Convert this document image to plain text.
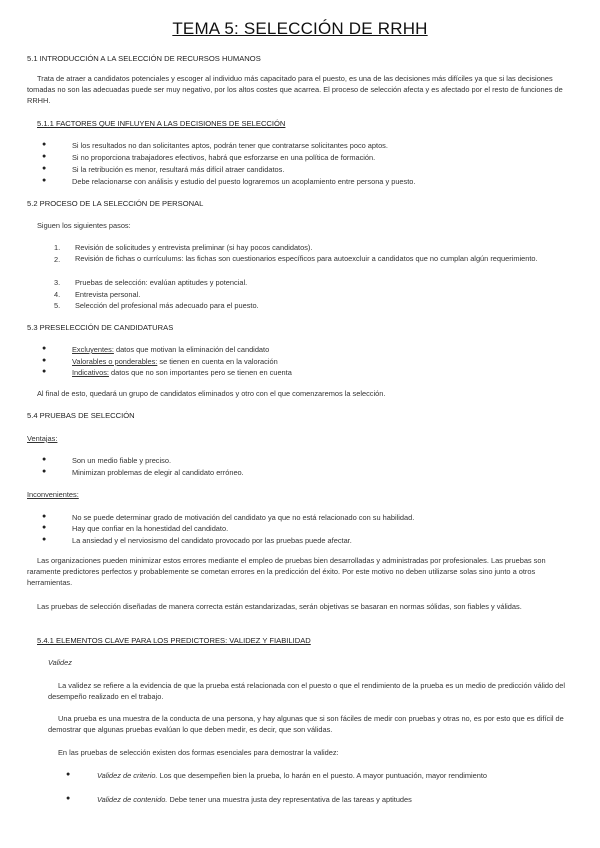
TEMA 5: SELECCIÓN DE RRHH
5.1 INTRODUCCIÓN A LA SELECCIÓN DE RECURSOS HUMANOS
Trata de atraer a candidatos potenciales y escoger al individuo más capacitado para el puesto, es una de las decisiones más difíciles ya que si las decisiones tomadas no son las adecuadas puede ser muy negativo, por los altos costes que acarrea. El proceso de selección afecta y es afectado por el resto de funciones de RRHH.
5.1.1 FACTORES QUE INFLUYEN A LAS DECISIONES DE SELECCIÓN
●	Si los resultados no dan solicitantes aptos, podrán tener que contratarse solicitantes poco aptos.
●	Si no proporciona trabajadores efectivos, habrá que esforzarse en una política de formación.
●	Si la retribución es menor, resultará más difícil atraer candidatos.
●	Debe relacionarse con análisis y estudio del puesto lograremos un acoplamiento entre persona y puesto.
5.2 PROCESO DE LA SELECCIÓN DE PERSONAL
Siguen los siguientes pasos:
1. Revisión de solicitudes y entrevista preliminar (si hay pocos candidatos).
2. Revisión de fichas o currículums: las fichas son cuestionarios específicos para autoexcluir a candidatos que no cumplan algún requerimiento.
3. Pruebas de selección: evalúan aptitudes y potencial.
4. Entrevista personal.
5. Selección del profesional más adecuado para el puesto.
5.3 PRESELECCIÓN DE CANDIDATURAS
●	Excluyentes: datos que motivan la eliminación del candidato
●	Valorables o ponderables: se tienen en cuenta en la valoración
●	Indicativos: datos que no son importantes pero se tienen en cuenta
Al final de esto, quedará un grupo de candidatos eliminados y otro con el que comenzaremos la selección.
5.4 PRUEBAS DE SELECCIÓN
Ventajas:
●	Son un medio fiable y preciso.
●	Minimizan problemas de elegir al candidato erróneo.
Inconvenientes:
●	No se puede determinar grado de motivación del candidato ya que no está relacionado con su habilidad.
●	Hay que confiar en la honestidad del candidato.
●	La ansiedad y el nerviosismo del candidato provocado por las pruebas puede afectar.
Las organizaciones pueden minimizar estos errores mediante el empleo de pruebas bien desarrolladas y administradas por profesionales. Las pruebas son raramente predictores perfectos y probablemente se cometan errores en la predicción del éxito. Por este motivo no deben utilizarse solas sino junto a otros herramientas.
Las pruebas de selección diseñadas de manera correcta están estandarizadas, serán objetivas se basaran en normas sólidas, son fiables y válidas.
5.4.1 ELEMENTOS CLAVE PARA LOS PREDICTORES: VALIDEZ Y FIABILIDAD
Validez
La validez se refiere a la evidencia de que la prueba está relacionada con el puesto o que el rendimiento de la prueba es un medio de predicción válido del desempeño realizado en el trabajo.
Una prueba es una muestra de la conducta de una persona, y hay algunas que si son fáciles de medir con pruebas y otras no, es por esto que es difícil de demostrar que algunas pruebas evalúan lo que deben medir, es decir, que son válidas.
En las pruebas de selección existen dos formas esenciales para demostrar la validez:
●	Validez de criterio. Los que desempeñen bien la prueba, lo harán en el puesto. A mayor puntuación, mayor rendimiento
●	Validez de contenido. Debe tener una muestra justa dey representativa de las tareas y aptitudes
